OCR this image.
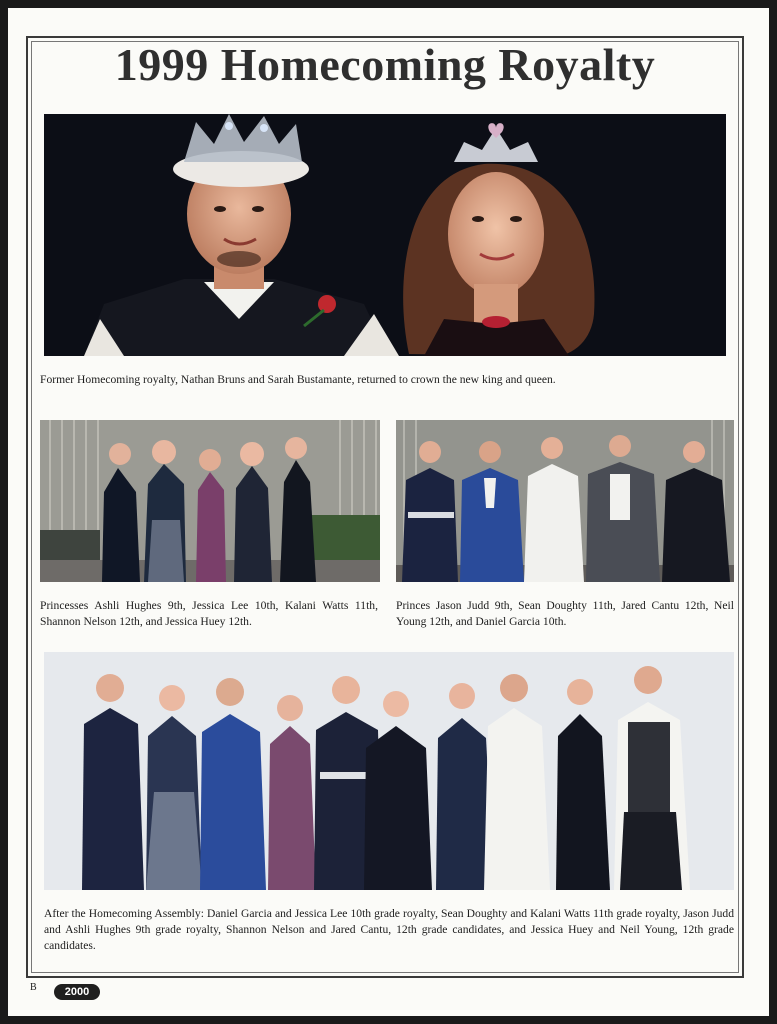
1999 Homecoming Royalty
Former Homecoming royalty, Nathan Bruns and Sarah Bustamante, returned to crown the new king and queen.
Princesses Ashli Hughes 9th, Jessica Lee 10th, Kalani Watts 11th, Shannon Nelson 12th, and Jessica Huey 12th.
Princes Jason Judd 9th, Sean Doughty 11th, Jared Cantu 12th, Neil Young 12th, and Daniel Garcia 10th.
After the Homecoming Assembly: Daniel Garcia and Jessica Lee 10th grade royalty, Sean Doughty and Kalani Watts 11th grade royalty, Jason Judd and Ashli Hughes 9th grade royalty, Shannon Nelson and Jared Cantu, 12th grade candidates, and Jessica Huey and Neil Young, 12th grade candidates.
B	2000
